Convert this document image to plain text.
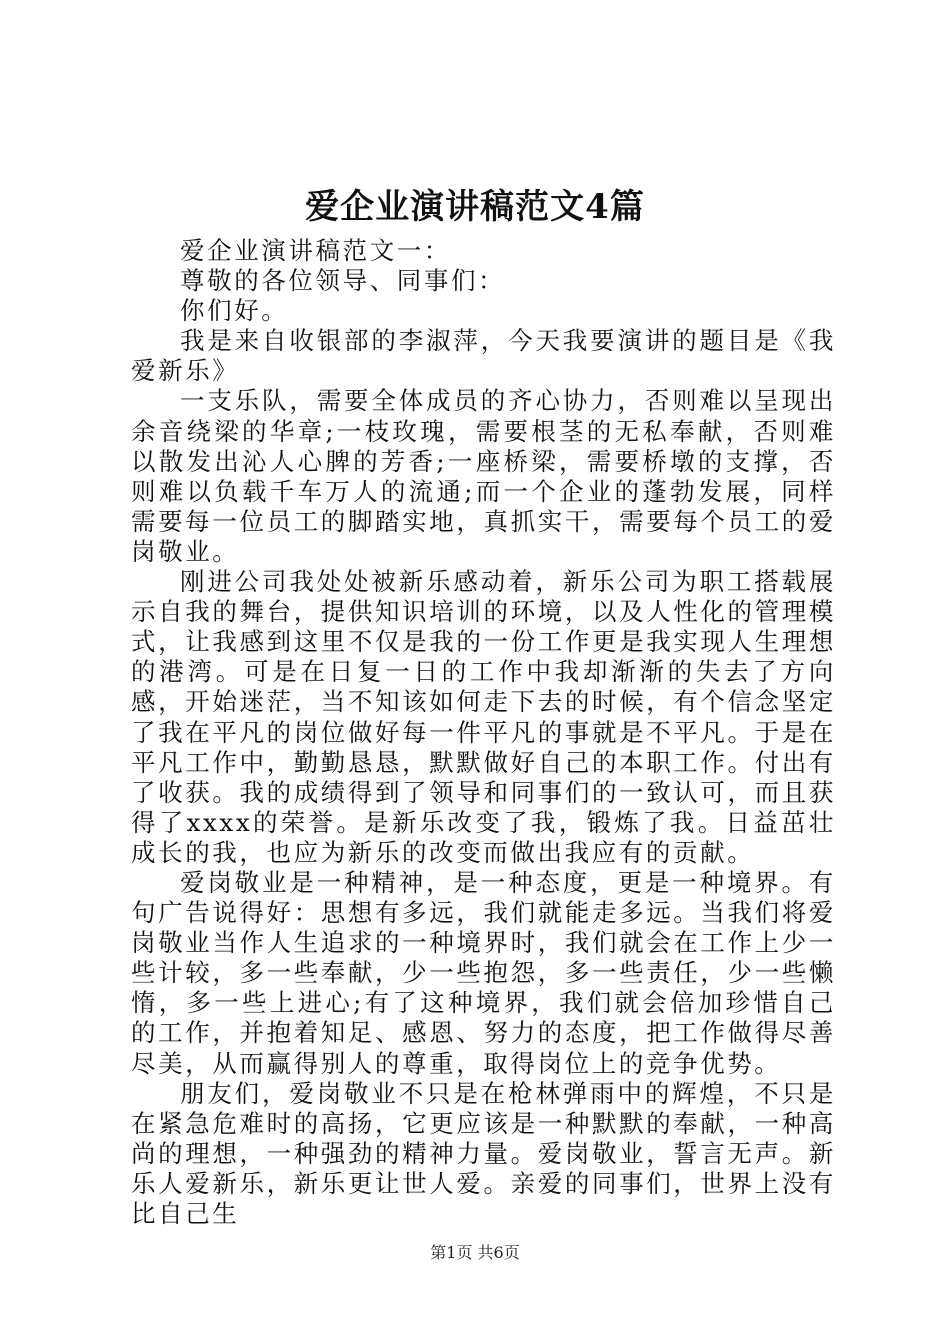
爱企业演讲稿范文4篇

爱企业演讲稿范文一：

尊敬的各位领导、同事们：

你们好。

我是来自收银部的李淑萍，今天我要演讲的题目是《我爱新乐》

一支乐队，需要全体成员的齐心协力，否则难以呈现出余音绕梁的华章;一枝玫瑰，需要根茎的无私奉献，否则难以散发出沁人心脾的芳香;一座桥梁，需要桥墩的支撑，否则难以负载千车万人的流通;而一个企业的蓬勃发展，同样需要每一位员工的脚踏实地，真抓实干，需要每个员工的爱岗敬业。

刚进公司我处处被新乐感动着，新乐公司为职工搭载展示自我的舞台，提供知识培训的环境，以及人性化的管理模式，让我感到这里不仅是我的一份工作更是我实现人生理想的港湾。可是在日复一日的工作中我却渐渐的失去了方向感，开始迷茫，当不知该如何走下去的时候，有个信念坚定了我在平凡的岗位做好每一件平凡的事就是不平凡。于是在平凡工作中，勤勤恳恳，默默做好自己的本职工作。付出有了收获。我的成绩得到了领导和同事们的一致认可，而且获得了xxxx的荣誉。是新乐改变了我，锻炼了我。日益茁壮成长的我，也应为新乐的改变而做出我应有的贡献。

爱岗敬业是一种精神，是一种态度，更是一种境界。有句广告说得好：思想有多远，我们就能走多远。当我们将爱岗敬业当作人生追求的一种境界时，我们就会在工作上少一些计较，多一些奉献，少一些抱怨，多一些责任，少一些懒惰，多一些上进心;有了这种境界，我们就会倍加珍惜自己的工作，并抱着知足、感恩、努力的态度，把工作做得尽善尽美，从而赢得别人的尊重，取得岗位上的竞争优势。

朋友们，爱岗敬业不只是在枪林弹雨中的辉煌，不只是在紧急危难时的高扬，它更应该是一种默默的奉献，一种高尚的理想，一种强劲的精神力量。爱岗敬业，誓言无声。新乐人爱新乐，新乐更让世人爱。亲爱的同事们，世界上没有比自己生

第1页 共6页
